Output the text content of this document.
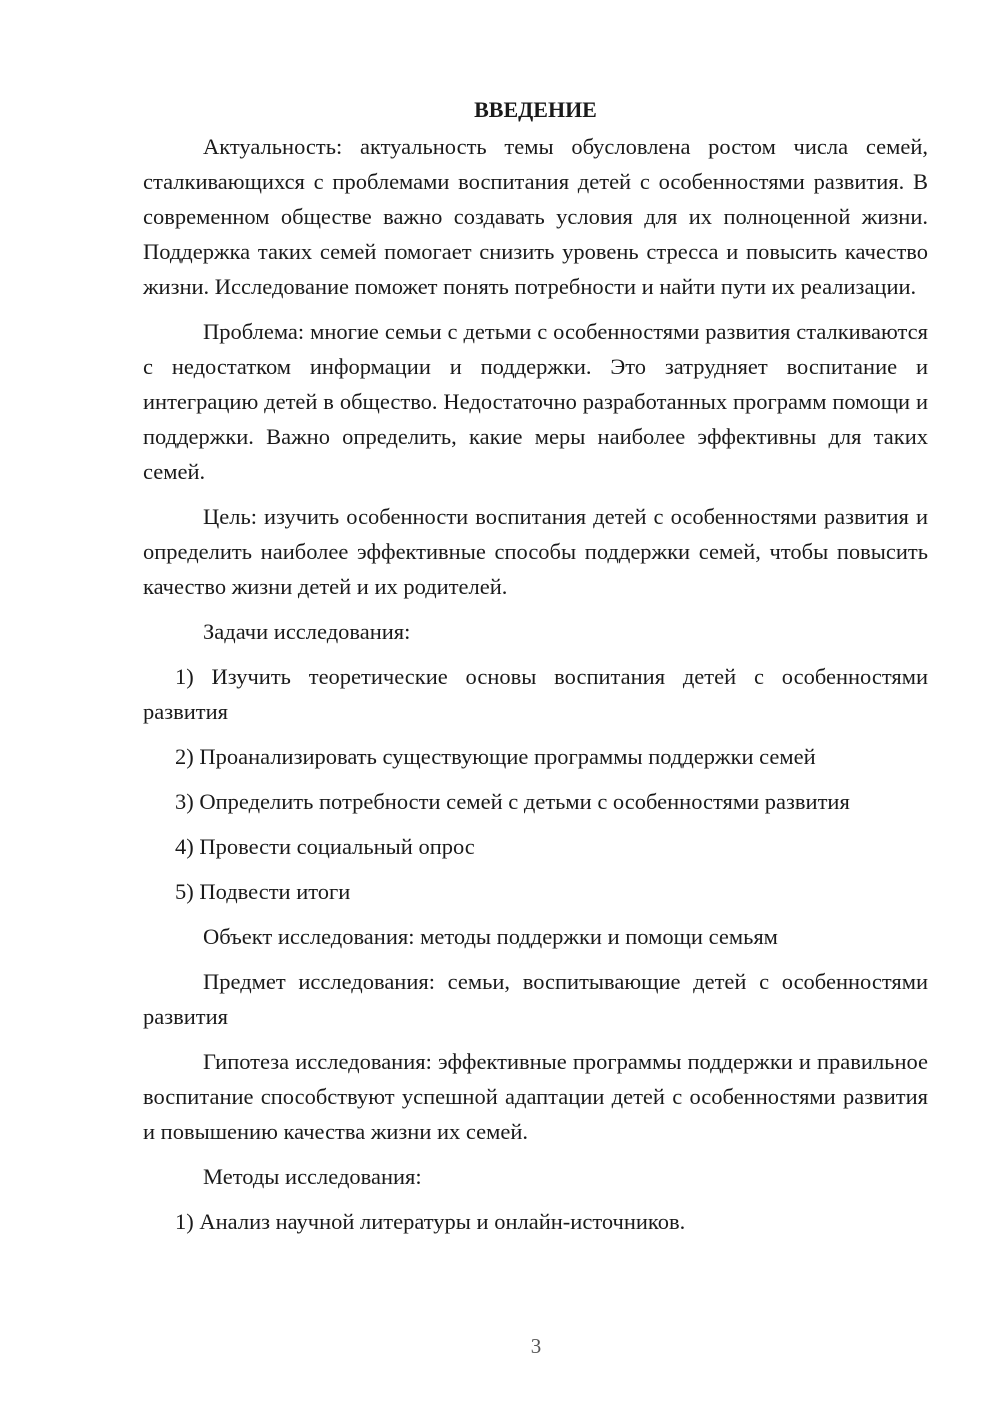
ВВЕДЕНИЕ

Актуальность: актуальность темы обусловлена ростом числа семей, сталкивающихся с проблемами воспитания детей с особенностями развития. В современном обществе важно создавать условия для их полноценной жизни. Поддержка таких семей помогает снизить уровень стресса и повысить качество жизни. Исследование поможет понять потребности и найти пути их реализации.

Проблема: многие семьи с детьми с особенностями развития сталкиваются с недостатком информации и поддержки. Это затрудняет воспитание и интеграцию детей в общество. Недостаточно разработанных программ помощи и поддержки. Важно определить, какие меры наиболее эффективны для таких семей.

Цель: изучить особенности воспитания детей с особенностями развития и определить наиболее эффективные способы поддержки семей, чтобы повысить качество жизни детей и их родителей.

Задачи исследования:

1) Изучить теоретические основы воспитания детей с особенностями развития

2) Проанализировать существующие программы поддержки семей

3) Определить потребности семей с детьми с особенностями развития

4) Провести социальный опрос

5) Подвести итоги

Объект исследования: методы поддержки и помощи семьям

Предмет исследования: семьи, воспитывающие детей с особенностями развития

Гипотеза исследования: эффективные программы поддержки и правильное воспитание способствуют успешной адаптации детей с особенностями развития и повышению качества жизни их семей.

Методы исследования:

1) Анализ научной литературы и онлайн-источников.

3
